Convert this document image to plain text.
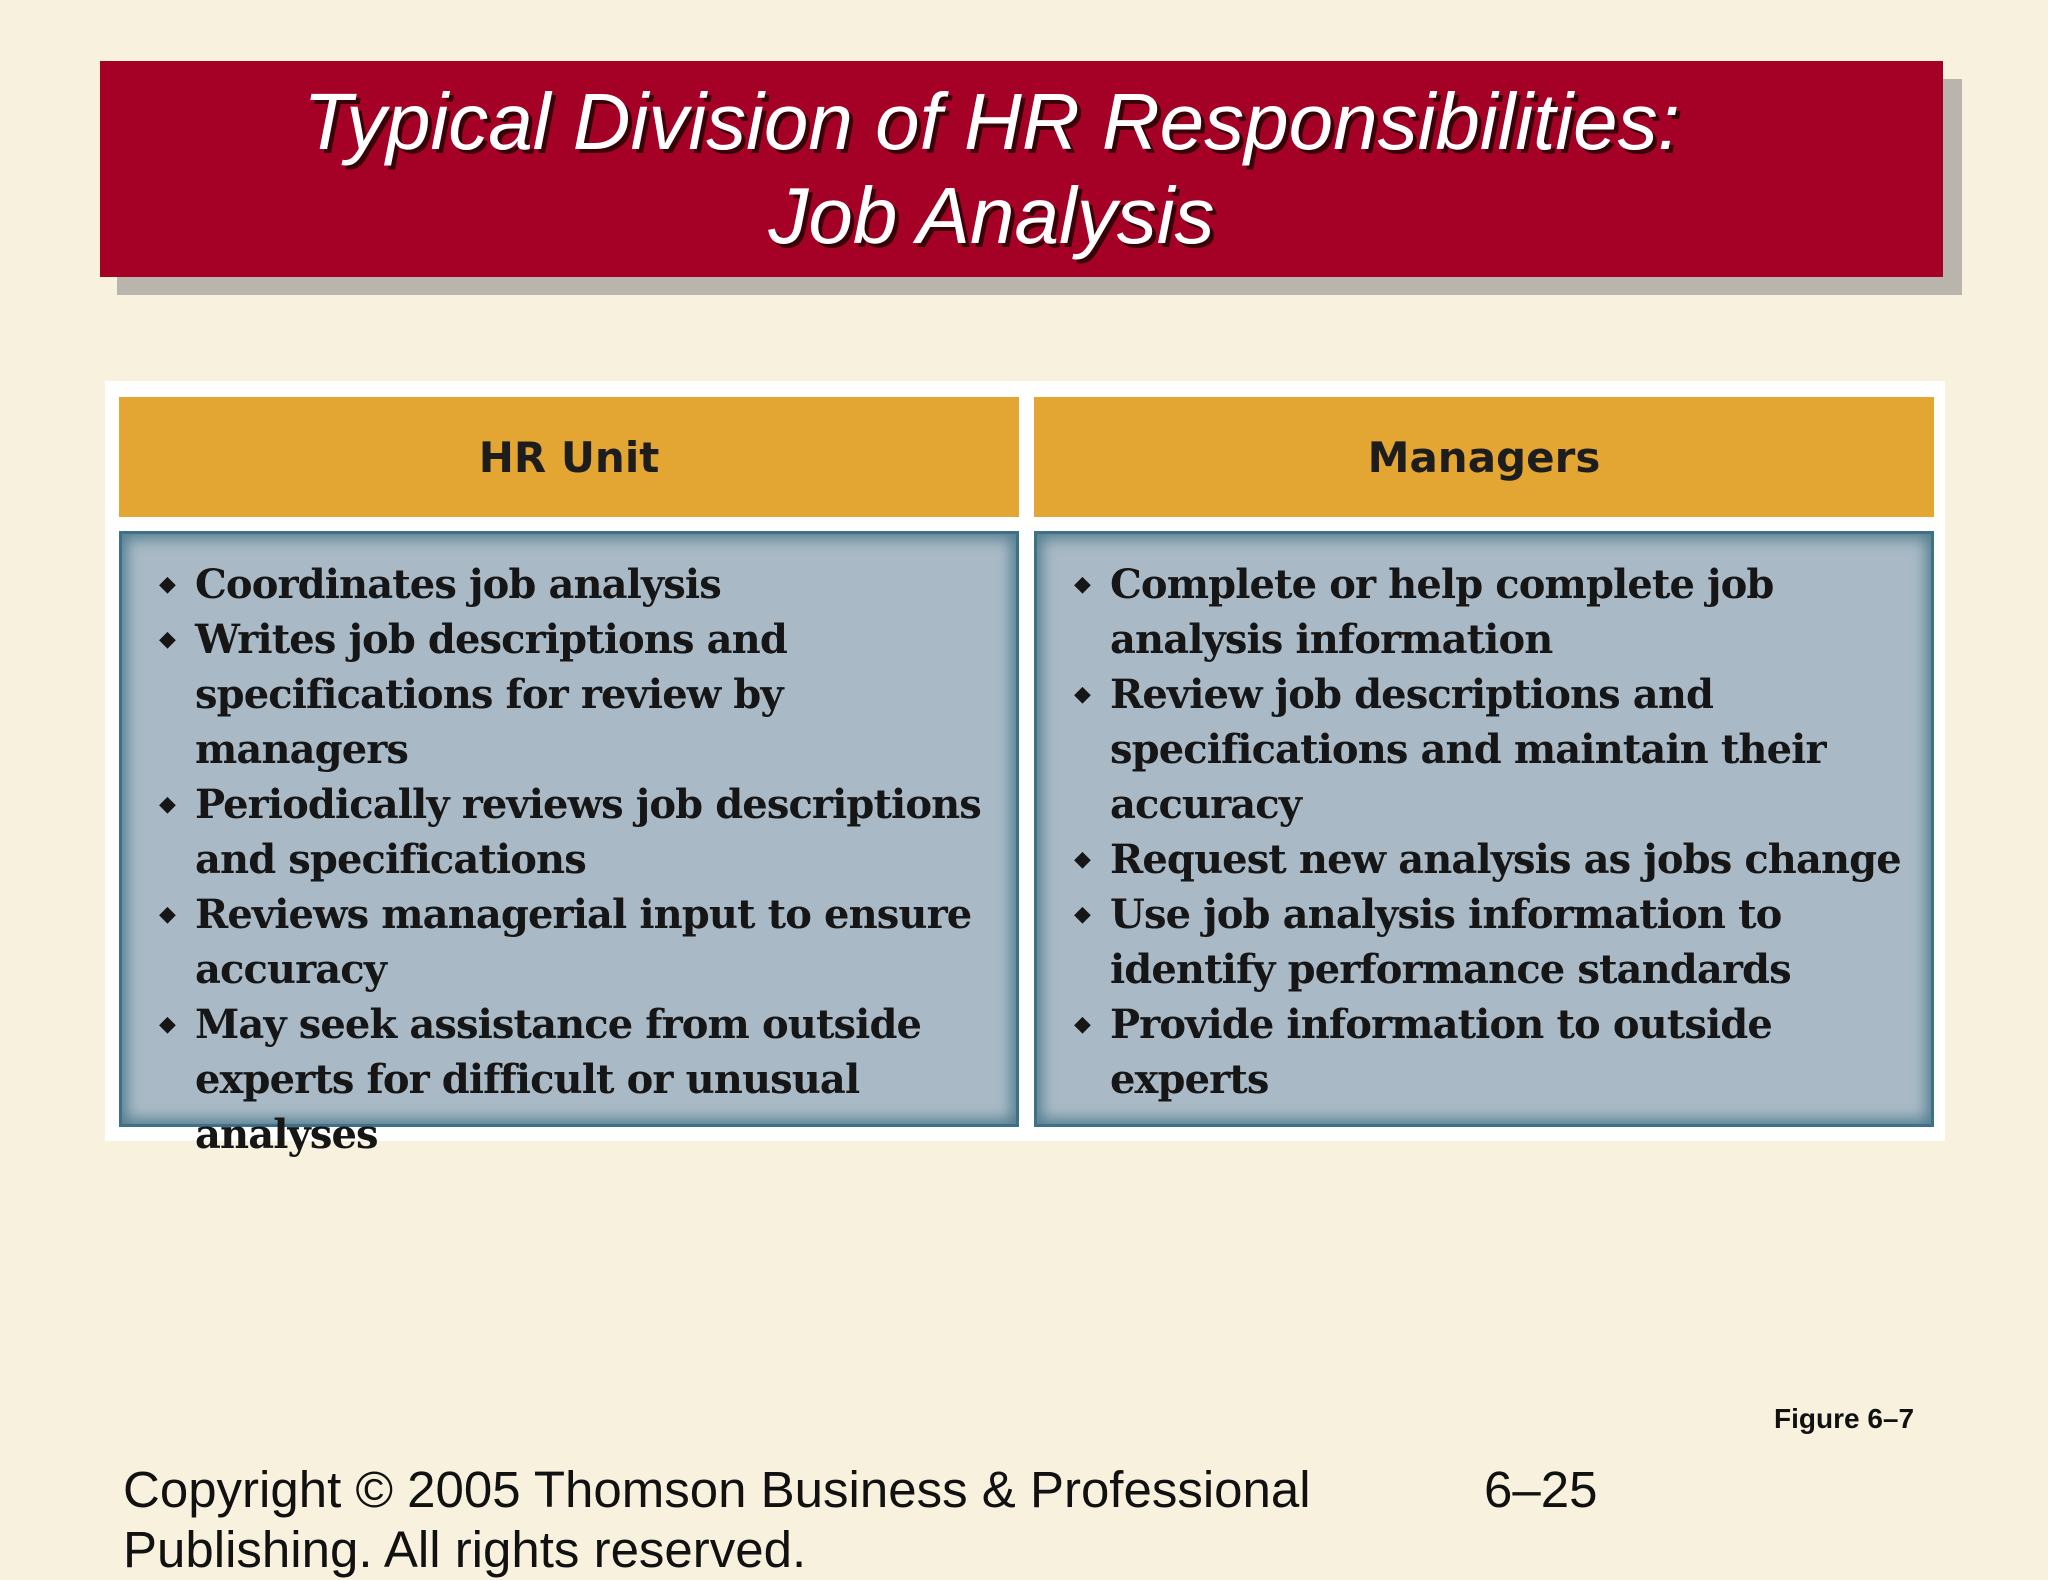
Typical Division of HR Responsibilities:
Job Analysis
HR Unit	Managers
◆ Coordinates job analysis
◆ Writes job descriptions and specifications for review by managers
◆ Periodically reviews job descriptions and specifications
◆ Reviews managerial input to ensure accuracy
◆ May seek assistance from outside experts for difficult or unusual analyses
◆ Complete or help complete job analysis information
◆ Review job descriptions and specifications and maintain their accuracy
◆ Request new analysis as jobs change
◆ Use job analysis information to identify performance standards
◆ Provide information to outside experts
Figure 6–7
Copyright © 2005 Thomson Business & Professional Publishing. All rights reserved.
6–25
